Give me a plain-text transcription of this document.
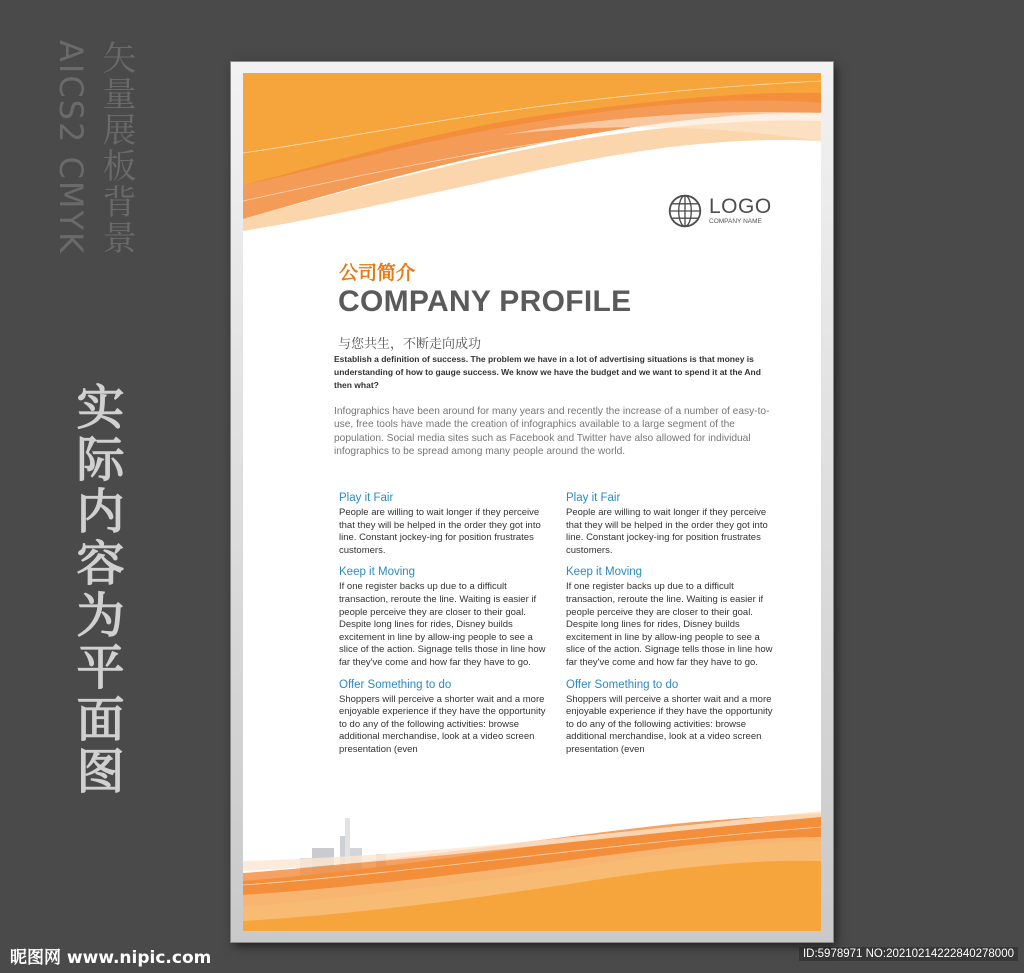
矢量展板背景
AICS2 CMYK
实际内容为平面图
LOGO
COMPANY NAME
公司简介
COMPANY PROFILE
与您共生，不断走向成功
Establish a definition of success. The problem we have in a lot of advertising situations is that money is understanding of how to gauge success. We know we have the budget and we want to spend it at the And then what?
Infographics have been around for many years and recently the increase of a number of easy-to-use, free tools have made the creation of infographics available to a large segment of the population. Social media sites such as Facebook and Twitter have also allowed for individual infographics to be spread among many people around the world.
Play it Fair
People are willing to wait longer if they perceive that they will be helped in the order they got into line. Constant jockey-ing for position frustrates customers.
Keep it Moving
If one register backs up due to a difficult transaction, reroute the line. Waiting is easier if people perceive they are closer to their goal. Despite long lines for rides, Disney builds excitement in line by allow-ing people to see a slice of the action. Signage tells those in line how far they've come and how far they have to go.
Offer Something to do
Shoppers will perceive a shorter wait and a more enjoyable experience if they have the opportunity to do any of the following activities: browse additional merchandise, look at a video screen presentation (even
Play it Fair
People are willing to wait longer if they perceive that they will be helped in the order they got into line. Constant jockey-ing for position frustrates customers.
Keep it Moving
If one register backs up due to a difficult transaction, reroute the line. Waiting is easier if people perceive they are closer to their goal. Despite long lines for rides, Disney builds excitement in line by allow-ing people to see a slice of the action. Signage tells those in line how far they've come and how far they have to go.
Offer Something to do
Shoppers will perceive a shorter wait and a more enjoyable experience if they have the opportunity to do any of the following activities: browse additional merchandise, look at a video screen presentation (even
昵图网 www.nipic.com	ID:5978971 NO:20210214222840278000
